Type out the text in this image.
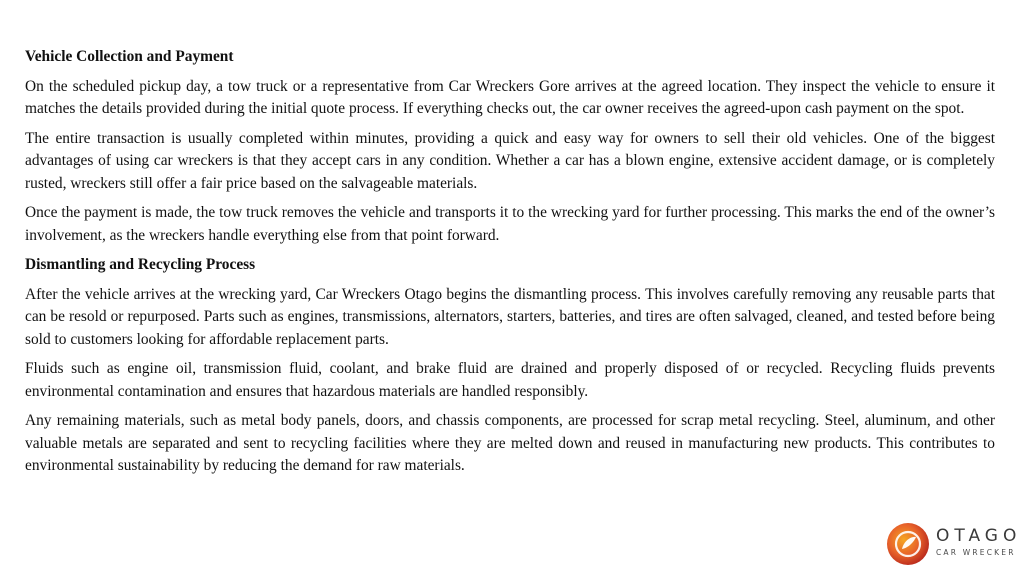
Vehicle Collection and Payment

On the scheduled pickup day, a tow truck or a representative from Car Wreckers Gore arrives at the agreed location. They inspect the vehicle to ensure it matches the details provided during the initial quote process. If everything checks out, the car owner receives the agreed-upon cash payment on the spot.

The entire transaction is usually completed within minutes, providing a quick and easy way for owners to sell their old vehicles. One of the biggest advantages of using car wreckers is that they accept cars in any condition. Whether a car has a blown engine, extensive accident damage, or is completely rusted, wreckers still offer a fair price based on the salvageable materials.

Once the payment is made, the tow truck removes the vehicle and transports it to the wrecking yard for further processing. This marks the end of the owner’s involvement, as the wreckers handle everything else from that point forward.

Dismantling and Recycling Process

After the vehicle arrives at the wrecking yard, Car Wreckers Otago begins the dismantling process. This involves carefully removing any reusable parts that can be resold or repurposed. Parts such as engines, transmissions, alternators, starters, batteries, and tires are often salvaged, cleaned, and tested before being sold to customers looking for affordable replacement parts.

Fluids such as engine oil, transmission fluid, coolant, and brake fluid are drained and properly disposed of or recycled. Recycling fluids prevents environmental contamination and ensures that hazardous materials are handled responsibly.

Any remaining materials, such as metal body panels, doors, and chassis components, are processed for scrap metal recycling. Steel, aluminum, and other valuable metals are separated and sent to recycling facilities where they are melted down and reused in manufacturing new products. This contributes to environmental sustainability by reducing the demand for raw materials.

OTAGO
CAR WRECKER
